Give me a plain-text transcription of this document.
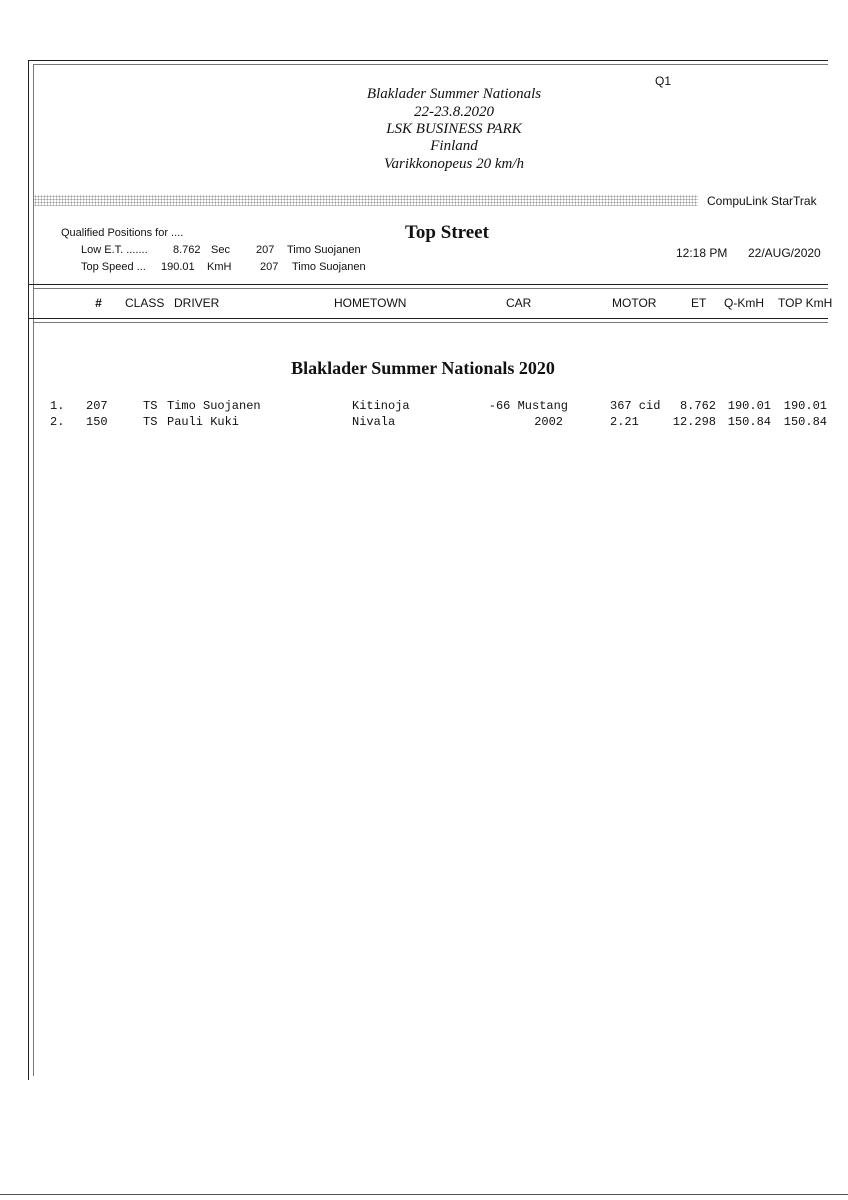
Blaklader Summer Nationals
22-23.8.2020
LSK BUSINESS PARK
Finland
Varikkonopeus 20 km/h
Q1
CompuLink StarTrak
Qualified Positions for ....
Low E.T. ....... 8.762 Sec 207 Timo Suojanen
Top Speed ... 190.01 KmH	207 Timo Suojanen
Top Street
12:18 PM 22/AUG/2020
# CLASS DRIVER	HOMETOWN	CAR	MOTOR	ET Q-KmH TOP KmH
Blaklader Summer Nationals 2020
1. 207	TS Timo Suojanen	Kitinoja	-66 Mustang	367 cid	8.762 190.01	190.01
2. 150	TS Pauli Kuki	Nivala	2002	2.21	12.298 150.84	150.84
